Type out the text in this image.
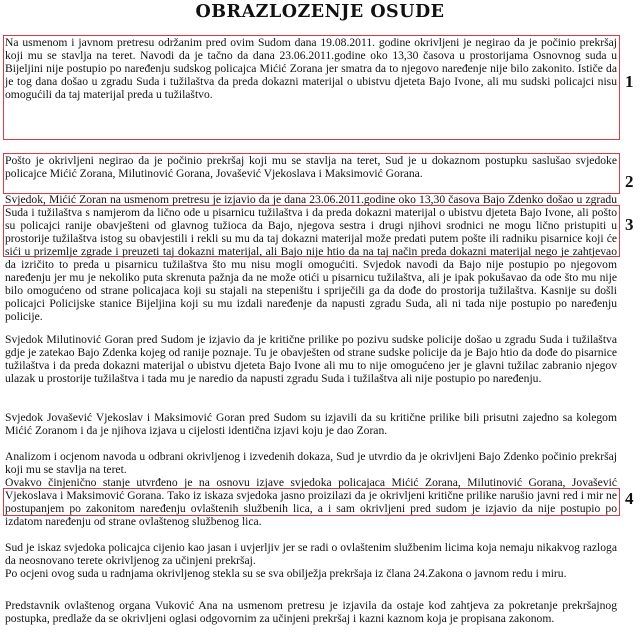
OBRAZLOZENJE OSUDE

Na usmenom i javnom pretresu održanim pred ovim Sudom dana 19.08.2011. godine okrivljeni je negirao da je počinio prekršaj koji mu se stavlja na teret. Navodi da je tačno da dana 23.06.2011.godine oko 13,30 časova u prostorijama Osnovnog suda u Bijeljini nije postupio po naređenju sudskog policajca Mićić Zorana jer smatra da to njegovo naređenje nije bilo zakonito. Ističe da je tog dana došao u zgradu Suda i tužilaštva da preda dokazni materijal o ubistvu djeteta Bajo Ivone, ali mu sudski policajci nisu omogućili da taj materijal preda u tužilaštvo.

Pošto je okrivljeni negirao da je počinio prekršaj koji mu se stavlja na teret, Sud je u dokaznom postupku saslušao svjedoke policajce Mićić Zorana, Milutinović Gorana, Jovašević Vjekoslava i Maksimović Gorana.

Svjedok, Mićić Zoran na usmenom pretresu je izjavio da je dana 23.06.2011.godine oko 13,30 časova Bajo Zdenko došao u zgradu Suda i tužilaštva s namjerom da lično ode u pisarnicu tužilaštva i da preda dokazni materijal o ubistvu djeteta Bajo Ivone, ali pošto su policajci ranije obavješteni od glavnog tužioca da Bajo, njegova sestra i drugi njihovi srodnici ne mogu lično pristupiti u prostorije tužilaštva istog su obavjestili i rekli su mu da taj dokazni materijal može predati putem pošte ili radniku pisarnice koji će sići u prizemlje zgrade i preuzeti taj dokazni materijal, ali Bajo nije htio da na taj način preda dokazni materijal nego je zahtjevao da izričito to preda u pisarnicu tužilaštva što mu nisu mogli omogućiti. Svjedok navodi da Bajo nije postupio po njegovom naređenju jer mu je nekoliko puta skrenuta pažnja da ne može otići u pisarnicu tužilaštva, ali je ipak pokušavao da ode što mu nije bilo omogućeno od strane policajaca koji su stajali na stepeništu i spriječili ga da dođe do prostorija tužilaštva. Kasnije su došli policajci Policijske stanice Bijeljina koji su mu izdali naređenje da napusti zgradu Suda, ali ni tada nije postupio po naređenju policije.

Svjedok Milutinović Goran pred Sudom je izjavio da je kritične prilike po pozivu sudske policije došao u zgradu Suda i tužilaštva gdje je zatekao Bajo Zdenka kojeg od ranije poznaje. Tu je obavješten od strane sudske policije da je Bajo htio da dođe do pisarnice tužilaštva i da preda dokazni materijal o ubistvu djeteta Bajo Ivone ali mu to nije omogućeno jer je glavni tužilac zabranio njegov ulazak u prostorije tužilaštva i tada mu je naredio da napusti zgradu Suda i tužilaštva ali nije postupio po naređenju.

Svjedok Jovašević Vjekoslav i Maksimović Goran pred Sudom su izjavili da su kritične prilike bili prisutni zajedno sa kolegom Mićić Zoranom i da je njihova izjava u cijelosti identična izjavi koju je dao Zoran.

Analizom i ocjenom navoda u odbrani okrivljenog i izvedenih dokaza, Sud je utvrdio da je okrivljeni Bajo Zdenko počinio prekršaj koji mu se stavlja na teret.

Ovakvo činjenično stanje utvrđeno je na osnovu izjave svjedoka policajaca Mićić Zorana, Milutinović Gorana, Jovašević Vjekoslava i Maksimović Gorana. Tako iz iskaza svjedoka jasno proizilazi da je okrivljeni kritične prilike narušio javni red i mir ne postupanjem po zakonitom naređenju ovlaštenih službenih lica, a i sam okrivljeni pred sudom je izjavio da nije postupio po izdatom naređenju od strane ovlaštenog službenog lica.

Sud je iskaz svjedoka policajca cijenio kao jasan i uvjerljiv jer se radi o ovlaštenim službenim licima koja nemaju nikakvog razloga da neosnovano terete okrivljenog za učinjeni prekršaj.

Po ocjeni ovog suda u radnjama okrivljenog stekla su se sva obilježja prekršaja iz člana 24.Zakona o javnom redu i miru.

Predstavnik ovlaštenog organa Vuković Ana na usmenom pretresu je izjavila da ostaje kod zahtjeva za pokretanje prekršajnog postupka, predlaže da se okrivljeni oglasi odgovornim za učinjeni prekršaj i kazni kaznom koja je propisana zakonom.

1
2
3
4
